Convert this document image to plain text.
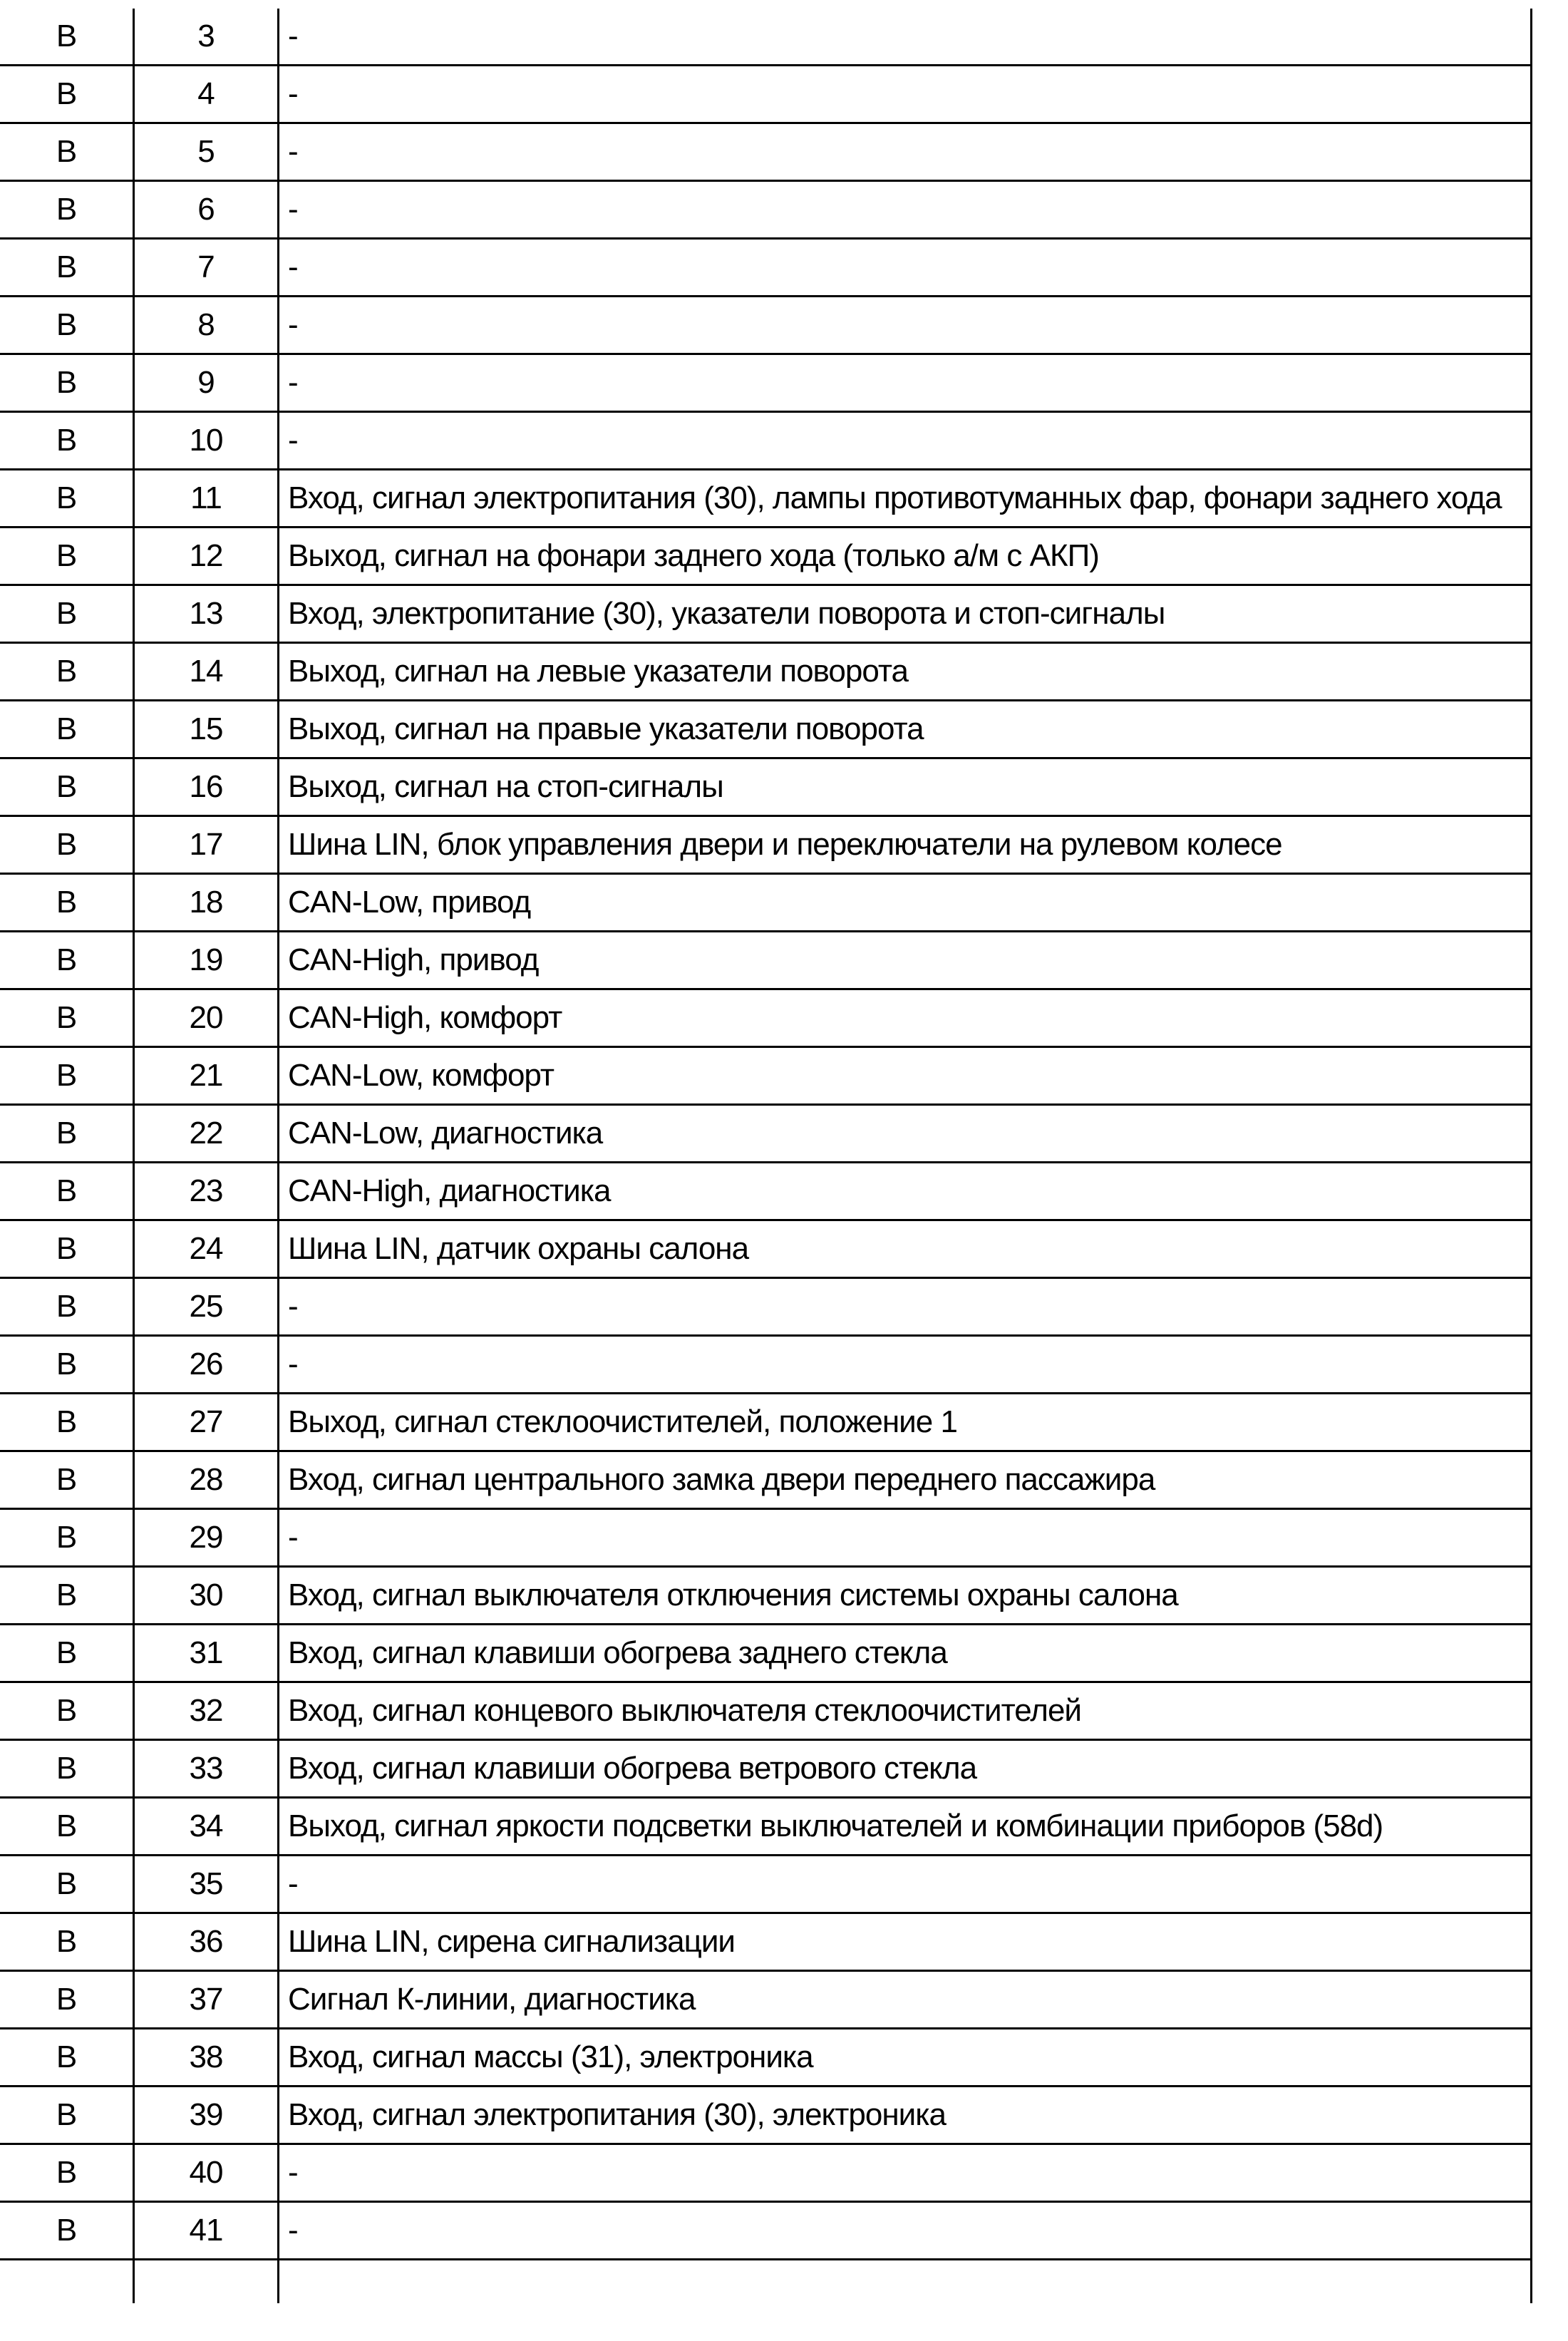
В	3	-
В	4	-
В	5	-
В	6	-
В	7	-
В	8	-
В	9	-
В	10	-
В	11	Вход, сигнал электропитания (30), лампы противотуманных фар, фонари заднего хода
В	12	Выход, сигнал на фонари заднего хода (только а/м с АКП)
В	13	Вход, электропитание (30), указатели поворота и стоп-сигналы
В	14	Выход, сигнал на левые указатели поворота
В	15	Выход, сигнал на правые указатели поворота
В	16	Выход, сигнал на стоп-сигналы
В	17	Шина LIN, блок управления двери и переключатели на рулевом колесе
В	18	CAN-Low, привод
В	19	CAN-High, привод
В	20	CAN-High, комфорт
В	21	CAN-Low, комфорт
В	22	CAN-Low, диагностика
В	23	CAN-High, диагностика
В	24	Шина LIN, датчик охраны салона
В	25	-
В	26	-
В	27	Выход, сигнал стеклоочистителей, положение 1
В	28	Вход, сигнал центрального замка двери переднего пассажира
В	29	-
В	30	Вход, сигнал выключателя отключения системы охраны салона
В	31	Вход, сигнал клавиши обогрева заднего стекла
В	32	Вход, сигнал концевого выключателя стеклоочистителей
В	33	Вход, сигнал клавиши обогрева ветрового стекла
В	34	Выход, сигнал яркости подсветки выключателей и комбинации приборов (58d)
В	35	-
В	36	Шина LIN, сирена сигнализации
В	37	Сигнал К-линии, диагностика
В	38	Вход, сигнал массы (31), электроника
В	39	Вход, сигнал электропитания (30), электроника
В	40	-
В	41	-
